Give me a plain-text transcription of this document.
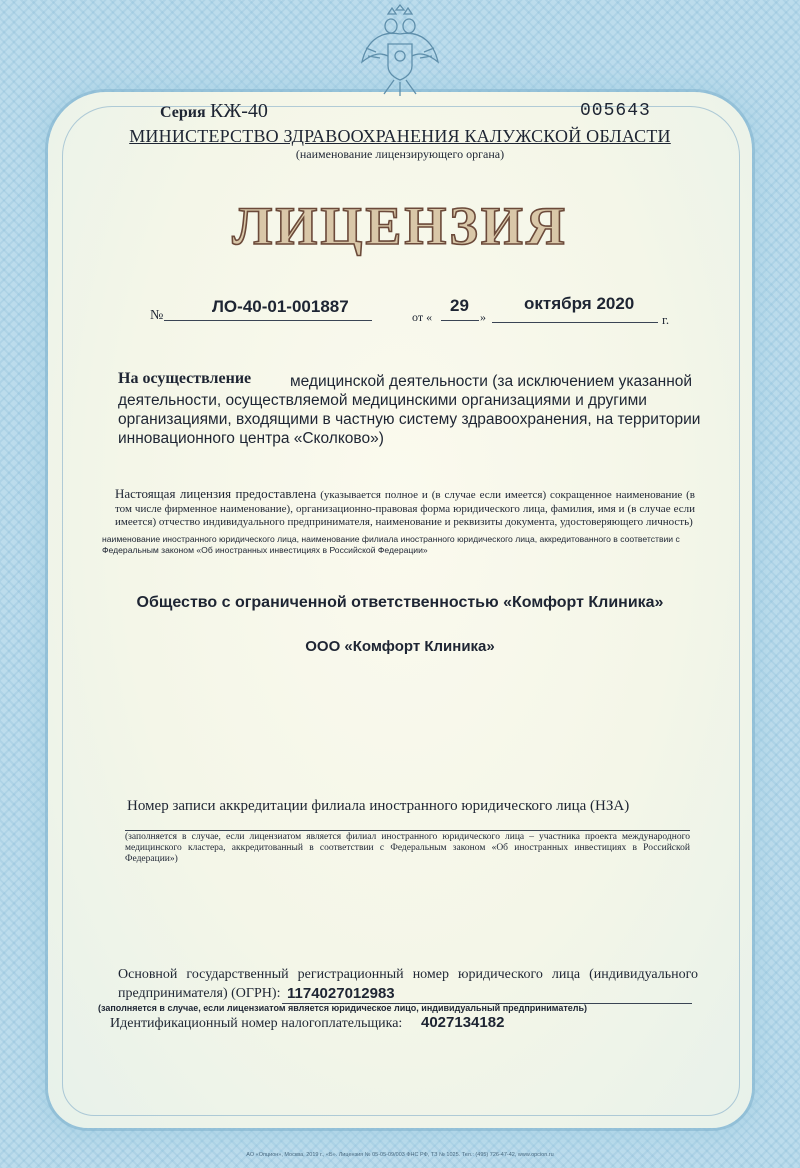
Серия КЖ-40	005643
МИНИСТЕРСТВО ЗДРАВООХРАНЕНИЯ КАЛУЖСКОЙ ОБЛАСТИ
(наименование лицензирующего органа)
ЛИЦЕНЗИЯ
№	ЛО-40-01-001887
от «
29
»
октября 2020
г.
На осуществление	медицинской деятельности (за исключением указанной деятельности, осуществляемой медицинскими организациями и другими организациями, входящими в частную систему здравоохранения, на территории инновационного центра «Сколково»)
Настоящая лицензия предоставлена (указывается полное и (в случае если имеется) сокращенное наименование (в том числе фирменное наименование), организационно-правовая форма юридического лица, фамилия, имя и (в случае если имеется) отчество индивидуального предпринимателя, наименование и реквизиты документа, удостоверяющего личность)
наименование иностранного юридического лица, наименование филиала иностранного юридического лица, аккредитованного в соответствии с Федеральным законом «Об иностранных инвестициях в Российской Федерации»
Общество с ограниченной ответственностью «Комфорт Клиника»
ООО «Комфорт Клиника»
Номер записи аккредитации филиала иностранного юридического лица (НЗА)
(заполняется в случае, если лицензиатом является филиал иностранного юридического лица – участника проекта международного медицинского кластера, аккредитованный в соответствии с Федеральным законом «Об иностранных инвестициях в Российской Федерации»)
Основной государственный регистрационный номер юридического лица (индивидуального предпринимателя) (ОГРН): 1174027012983
(заполняется в случае, если лицензиатом является юридическое лицо, индивидуальный предприниматель)
Идентификационный номер налогоплательщика: 4027134182
АО «Опцион», Москва, 2019 г., «Б». Лицензия № 05-05-09/003 ФНС РФ, ТЗ № 1025. Тел.: (495) 726-47-42, www.opcion.ru
